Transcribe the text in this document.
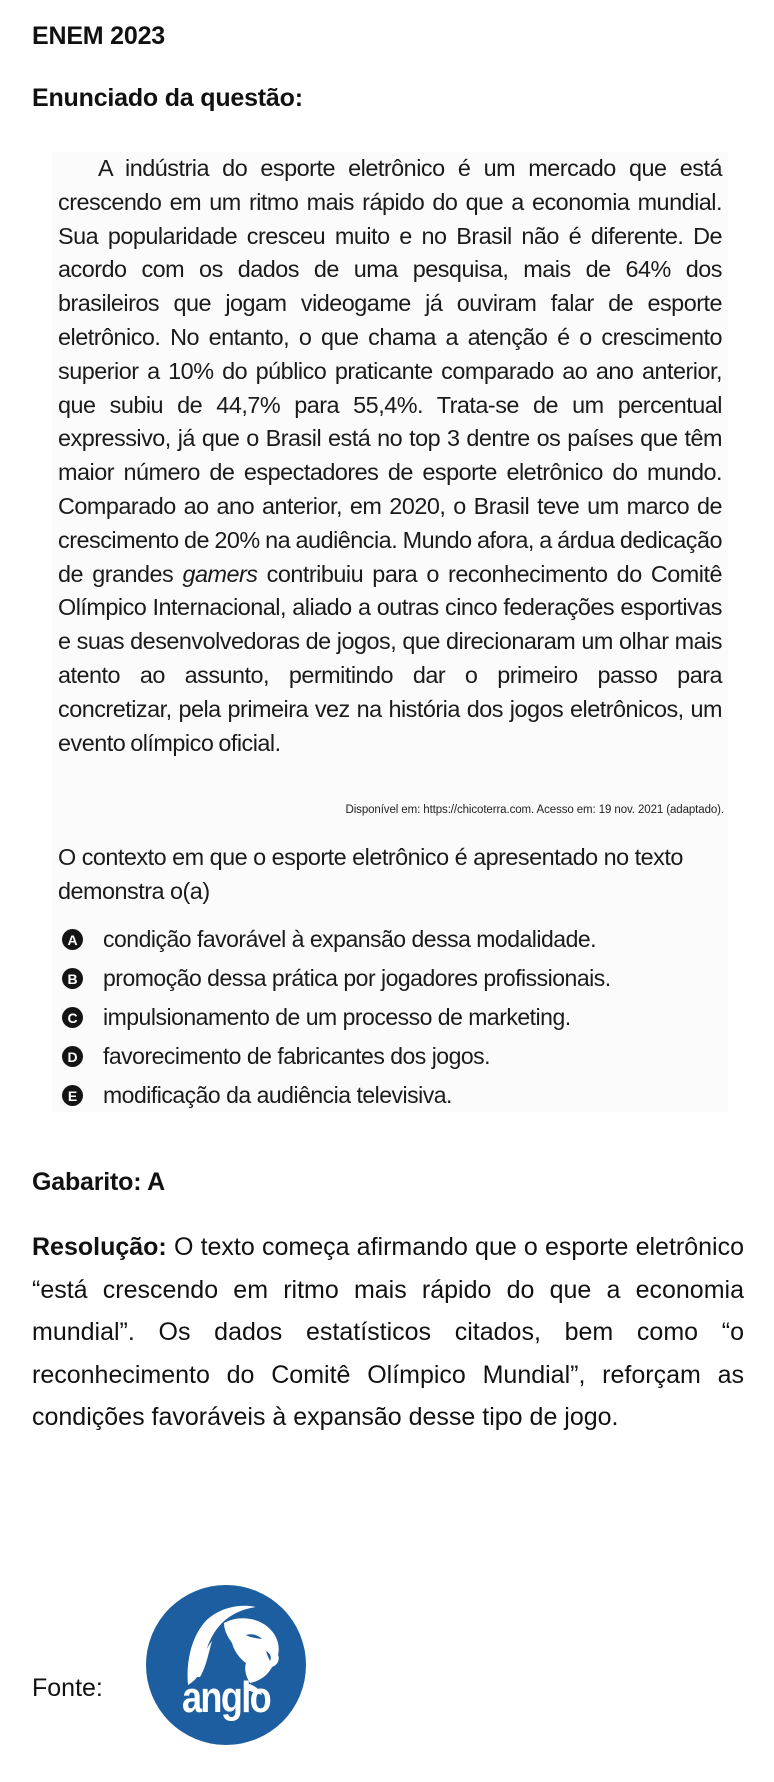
ENEM 2023
Enunciado da questão:

A indústria do esporte eletrônico é um mercado que está crescendo em um ritmo mais rápido do que a economia mundial. Sua popularidade cresceu muito e no Brasil não é diferente. De acordo com os dados de uma pesquisa, mais de 64% dos brasileiros que jogam videogame já ouviram falar de esporte eletrônico. No entanto, o que chama a atenção é o crescimento superior a 10% do público praticante comparado ao ano anterior, que subiu de 44,7% para 55,4%. Trata-se de um percentual expressivo, já que o Brasil está no top 3 dentre os países que têm maior número de espectadores de esporte eletrônico do mundo. Comparado ao ano anterior, em 2020, o Brasil teve um marco de crescimento de 20% na audiência. Mundo afora, a árdua dedicação de grandes gamers contribuiu para o reconhecimento do Comitê Olímpico Internacional, aliado a outras cinco federações esportivas e suas desenvolvedoras de jogos, que direcionaram um olhar mais atento ao assunto, permitindo dar o primeiro passo para concretizar, pela primeira vez na história dos jogos eletrônicos, um evento olímpico oficial.

Disponível em: https://chicoterra.com. Acesso em: 19 nov. 2021 (adaptado).
O contexto em que o esporte eletrônico é apresentado no texto demonstra o(a)
A condição favorável à expansão dessa modalidade.
B promoção dessa prática por jogadores profissionais.
C impulsionamento de um processo de marketing.
D favorecimento de fabricantes dos jogos.
E modificação da audiência televisiva.
Gabarito: A

Resolução: O texto começa afirmando que o esporte eletrônico “está crescendo em ritmo mais rápido do que a economia mundial”. Os dados estatísticos citados, bem como “o reconhecimento do Comitê Olímpico Mundial”, reforçam as condições favoráveis à expansão desse tipo de jogo.

Fonte:	anglo
